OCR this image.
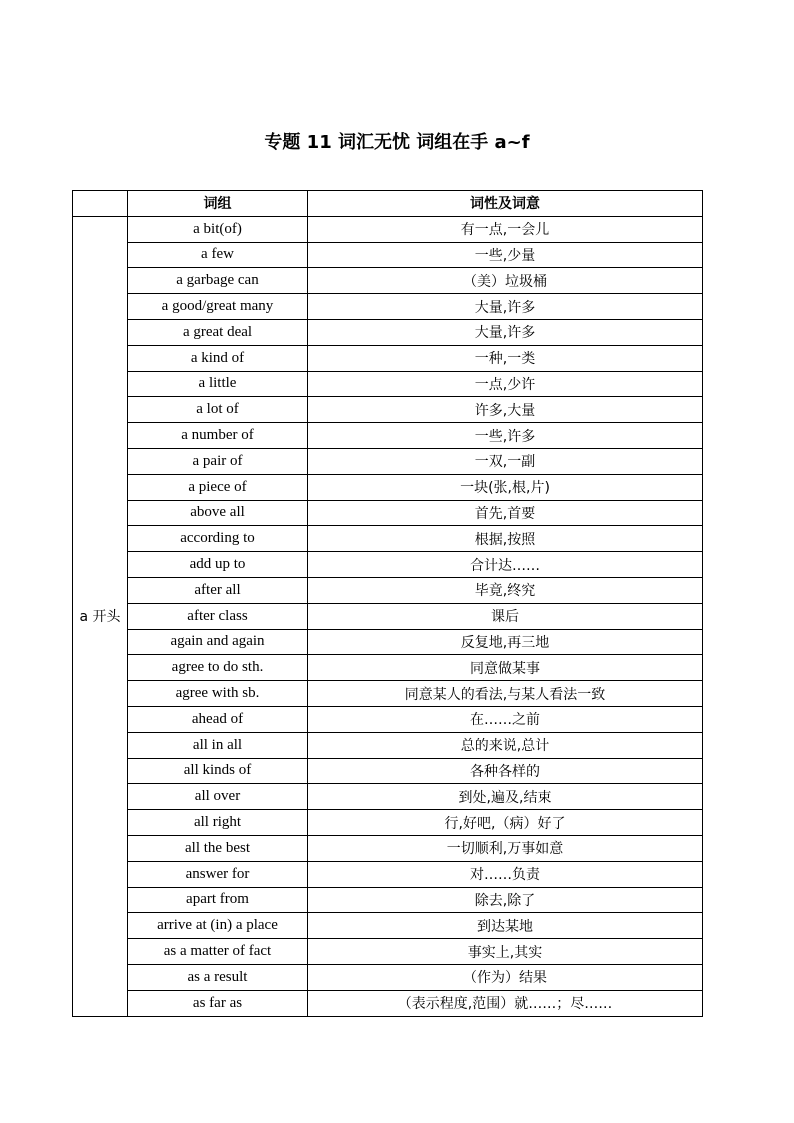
专题 11 词汇无忧 词组在手 a~f
	词组	词性及词意
a 开头	a bit(of)	有一点,一会儿
	a few	一些,少量
	a garbage can	（美）垃圾桶
	a good/great many	大量,许多
	a great deal	大量,许多
	a kind of	一种,一类
	a little	一点,少许
	a lot of	许多,大量
	a number of	一些,许多
	a pair of	一双,一副
	a piece of	一块(张,根,片)
	above all	首先,首要
	according to	根据,按照
	add up to	合计达……
	after all	毕竟,终究
	after class	课后
	again and again	反复地,再三地
	agree to do sth.	同意做某事
	agree with sb.	同意某人的看法,与某人看法一致
	ahead of	在……之前
	all in all	总的来说,总计
	all kinds of	各种各样的
	all over	到处,遍及,结束
	all right	行,好吧,（病）好了
	all the best	一切顺利,万事如意
	answer for	对……负责
	apart from	除去,除了
	arrive at (in) a place	到达某地
	as a matter of fact	事实上,其实
	as a result	（作为）结果
	as far as	（表示程度,范围）就……；尽……
